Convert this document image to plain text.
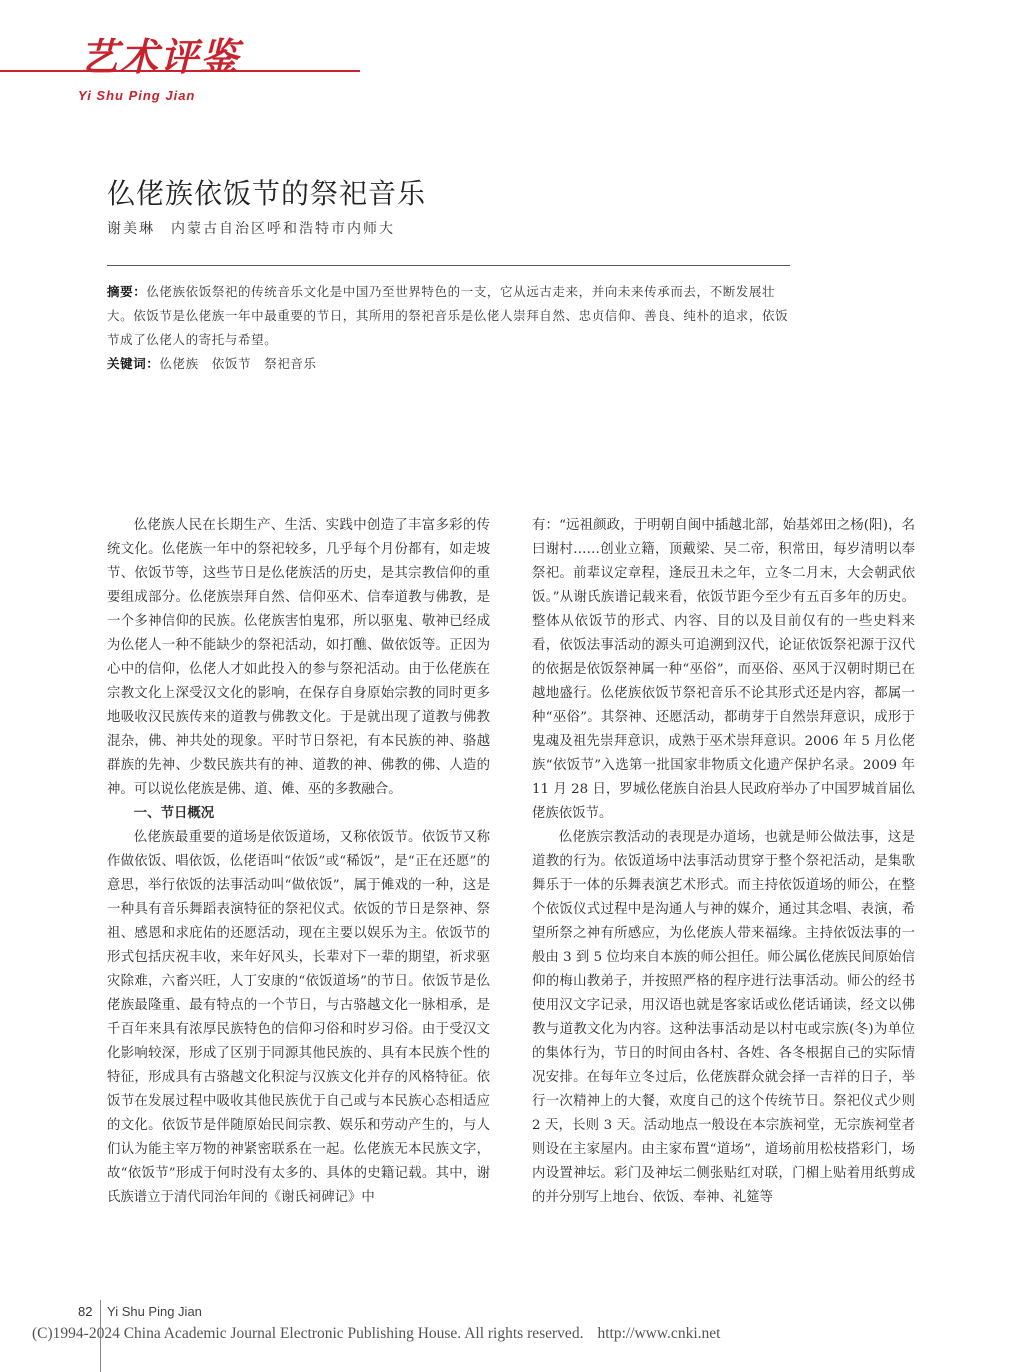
艺术评鉴
Yi Shu Ping Jian
仫佬族依饭节的祭祀音乐
谢美琳　内蒙古自治区呼和浩特市内师大

摘要：仫佬族依饭祭祀的传统音乐文化是中国乃至世界特色的一支，它从远古走来，并向未来传承而去，不断发展壮大。依饭节是仫佬族一年中最重要的节日，其所用的祭祀音乐是仫佬人崇拜自然、忠贞信仰、善良、纯朴的追求，依饭节成了仫佬人的寄托与希望。

关键词：仫佬族　依饭节　祭祀音乐

仫佬族人民在长期生产、生活、实践中创造了丰富多彩的传统文化。仫佬族一年中的祭祀较多，几乎每个月份都有，如走坡节、依饭节等，这些节日是仫佬族活的历史，是其宗教信仰的重要组成部分。仫佬族崇拜自然、信仰巫术、信奉道教与佛教，是一个多神信仰的民族。仫佬族害怕鬼邪，所以驱鬼、敬神已经成为仫佬人一种不能缺少的祭祀活动，如打醮、做依饭等。正因为心中的信仰，仫佬人才如此投入的参与祭祀活动。由于仫佬族在宗教文化上深受汉文化的影响，在保存自身原始宗教的同时更多地吸收汉民族传来的道教与佛教文化。于是就出现了道教与佛教混杂，佛、神共处的现象。平时节日祭祀，有本民族的神、骆越群族的先神、少数民族共有的神、道教的神、佛教的佛、人造的神。可以说仫佬族是佛、道、傩、巫的多教融合。

一、节日概况

仫佬族最重要的道场是依饭道场，又称依饭节。依饭节又称作做依饭、唱依饭，仫佬语叫“依饭”或“稀饭”，是“正在还愿”的意思，举行依饭的法事活动叫“做依饭”，属于傩戏的一种，这是一种具有音乐舞蹈表演特征的祭祀仪式。依饭的节日是祭神、祭祖、感恩和求庇佑的还愿活动，现在主要以娱乐为主。依饭节的形式包括庆祝丰收，来年好风头，长辈对下一辈的期望，祈求驱灾除难，六畜兴旺，人丁安康的“依饭道场”的节日。依饭节是仫佬族最隆重、最有特点的一个节日，与古骆越文化一脉相承，是千百年来具有浓厚民族特色的信仰习俗和时岁习俗。由于受汉文化影响较深，形成了区别于同源其他民族的、具有本民族个性的特征，形成具有古骆越文化积淀与汉族文化并存的风格特征。依饭节在发展过程中吸收其他民族优于自己或与本民族心态相适应的文化。依饭节是伴随原始民间宗教、娱乐和劳动产生的，与人们认为能主宰万物的神紧密联系在一起。仫佬族无本民族文字，故“依饭节”形成于何时没有太多的、具体的史籍记载。其中，谢氏族谱立于清代同治年间的《谢氏祠碑记》中

有：“远祖颜政，于明朝自闽中插越北部，始基郊田之杨(阳)，名曰谢村……创业立籍，顶戴梁、吴二帝，积常田，每岁清明以奉祭祀。前辈议定章程，逢辰丑未之年，立冬二月末，大会朝武依饭。”从谢氏族谱记载来看，依饭节距今至少有五百多年的历史。整体从依饭节的形式、内容、目的以及目前仅有的一些史料来看，依饭法事活动的源头可追溯到汉代，论证依饭祭祀源于汉代的依据是依饭祭神属一种“巫俗”，而巫俗、巫风于汉朝时期已在越地盛行。仫佬族依饭节祭祀音乐不论其形式还是内容，都属一种“巫俗”。其祭神、还愿活动，都萌芽于自然崇拜意识，成形于鬼魂及祖先崇拜意识，成熟于巫术崇拜意识。2006 年 5 月仫佬族“依饭节”入选第一批国家非物质文化遗产保护名录。2009 年 11 月 28 日，罗城仫佬族自治县人民政府举办了中国罗城首届仫佬族依饭节。

仫佬族宗教活动的表现是办道场，也就是师公做法事，这是道教的行为。依饭道场中法事活动贯穿于整个祭祀活动，是集歌舞乐于一体的乐舞表演艺术形式。而主持依饭道场的师公，在整个依饭仪式过程中是沟通人与神的媒介，通过其念唱、表演，希望所祭之神有所感应，为仫佬族人带来福缘。主持依饭法事的一般由 3 到 5 位均来自本族的师公担任。师公属仫佬族民间原始信仰的梅山教弟子，并按照严格的程序进行法事活动。师公的经书使用汉文字记录，用汉语也就是客家话或仫佬话诵读，经文以佛教与道教文化为内容。这种法事活动是以村屯或宗族(冬)为单位的集体行为，节日的时间由各村、各姓、各冬根据自己的实际情况安排。在每年立冬过后，仫佬族群众就会择一吉祥的日子，举行一次精神上的大餐，欢度自己的这个传统节日。祭祀仪式少则 2 天，长则 3 天。活动地点一般设在本宗族祠堂，无宗族祠堂者则设在主家屋内。由主家布置“道场”，道场前用松枝搭彩门，场内设置神坛。彩门及神坛二侧张贴红对联，门楣上贴着用纸剪成的并分别写上地台、依饭、奉神、礼筵等

82 Yi Shu Ping Jian
(C)1994-2024 China Academic Journal Electronic Publishing House. All rights reserved. http://www.cnki.net
